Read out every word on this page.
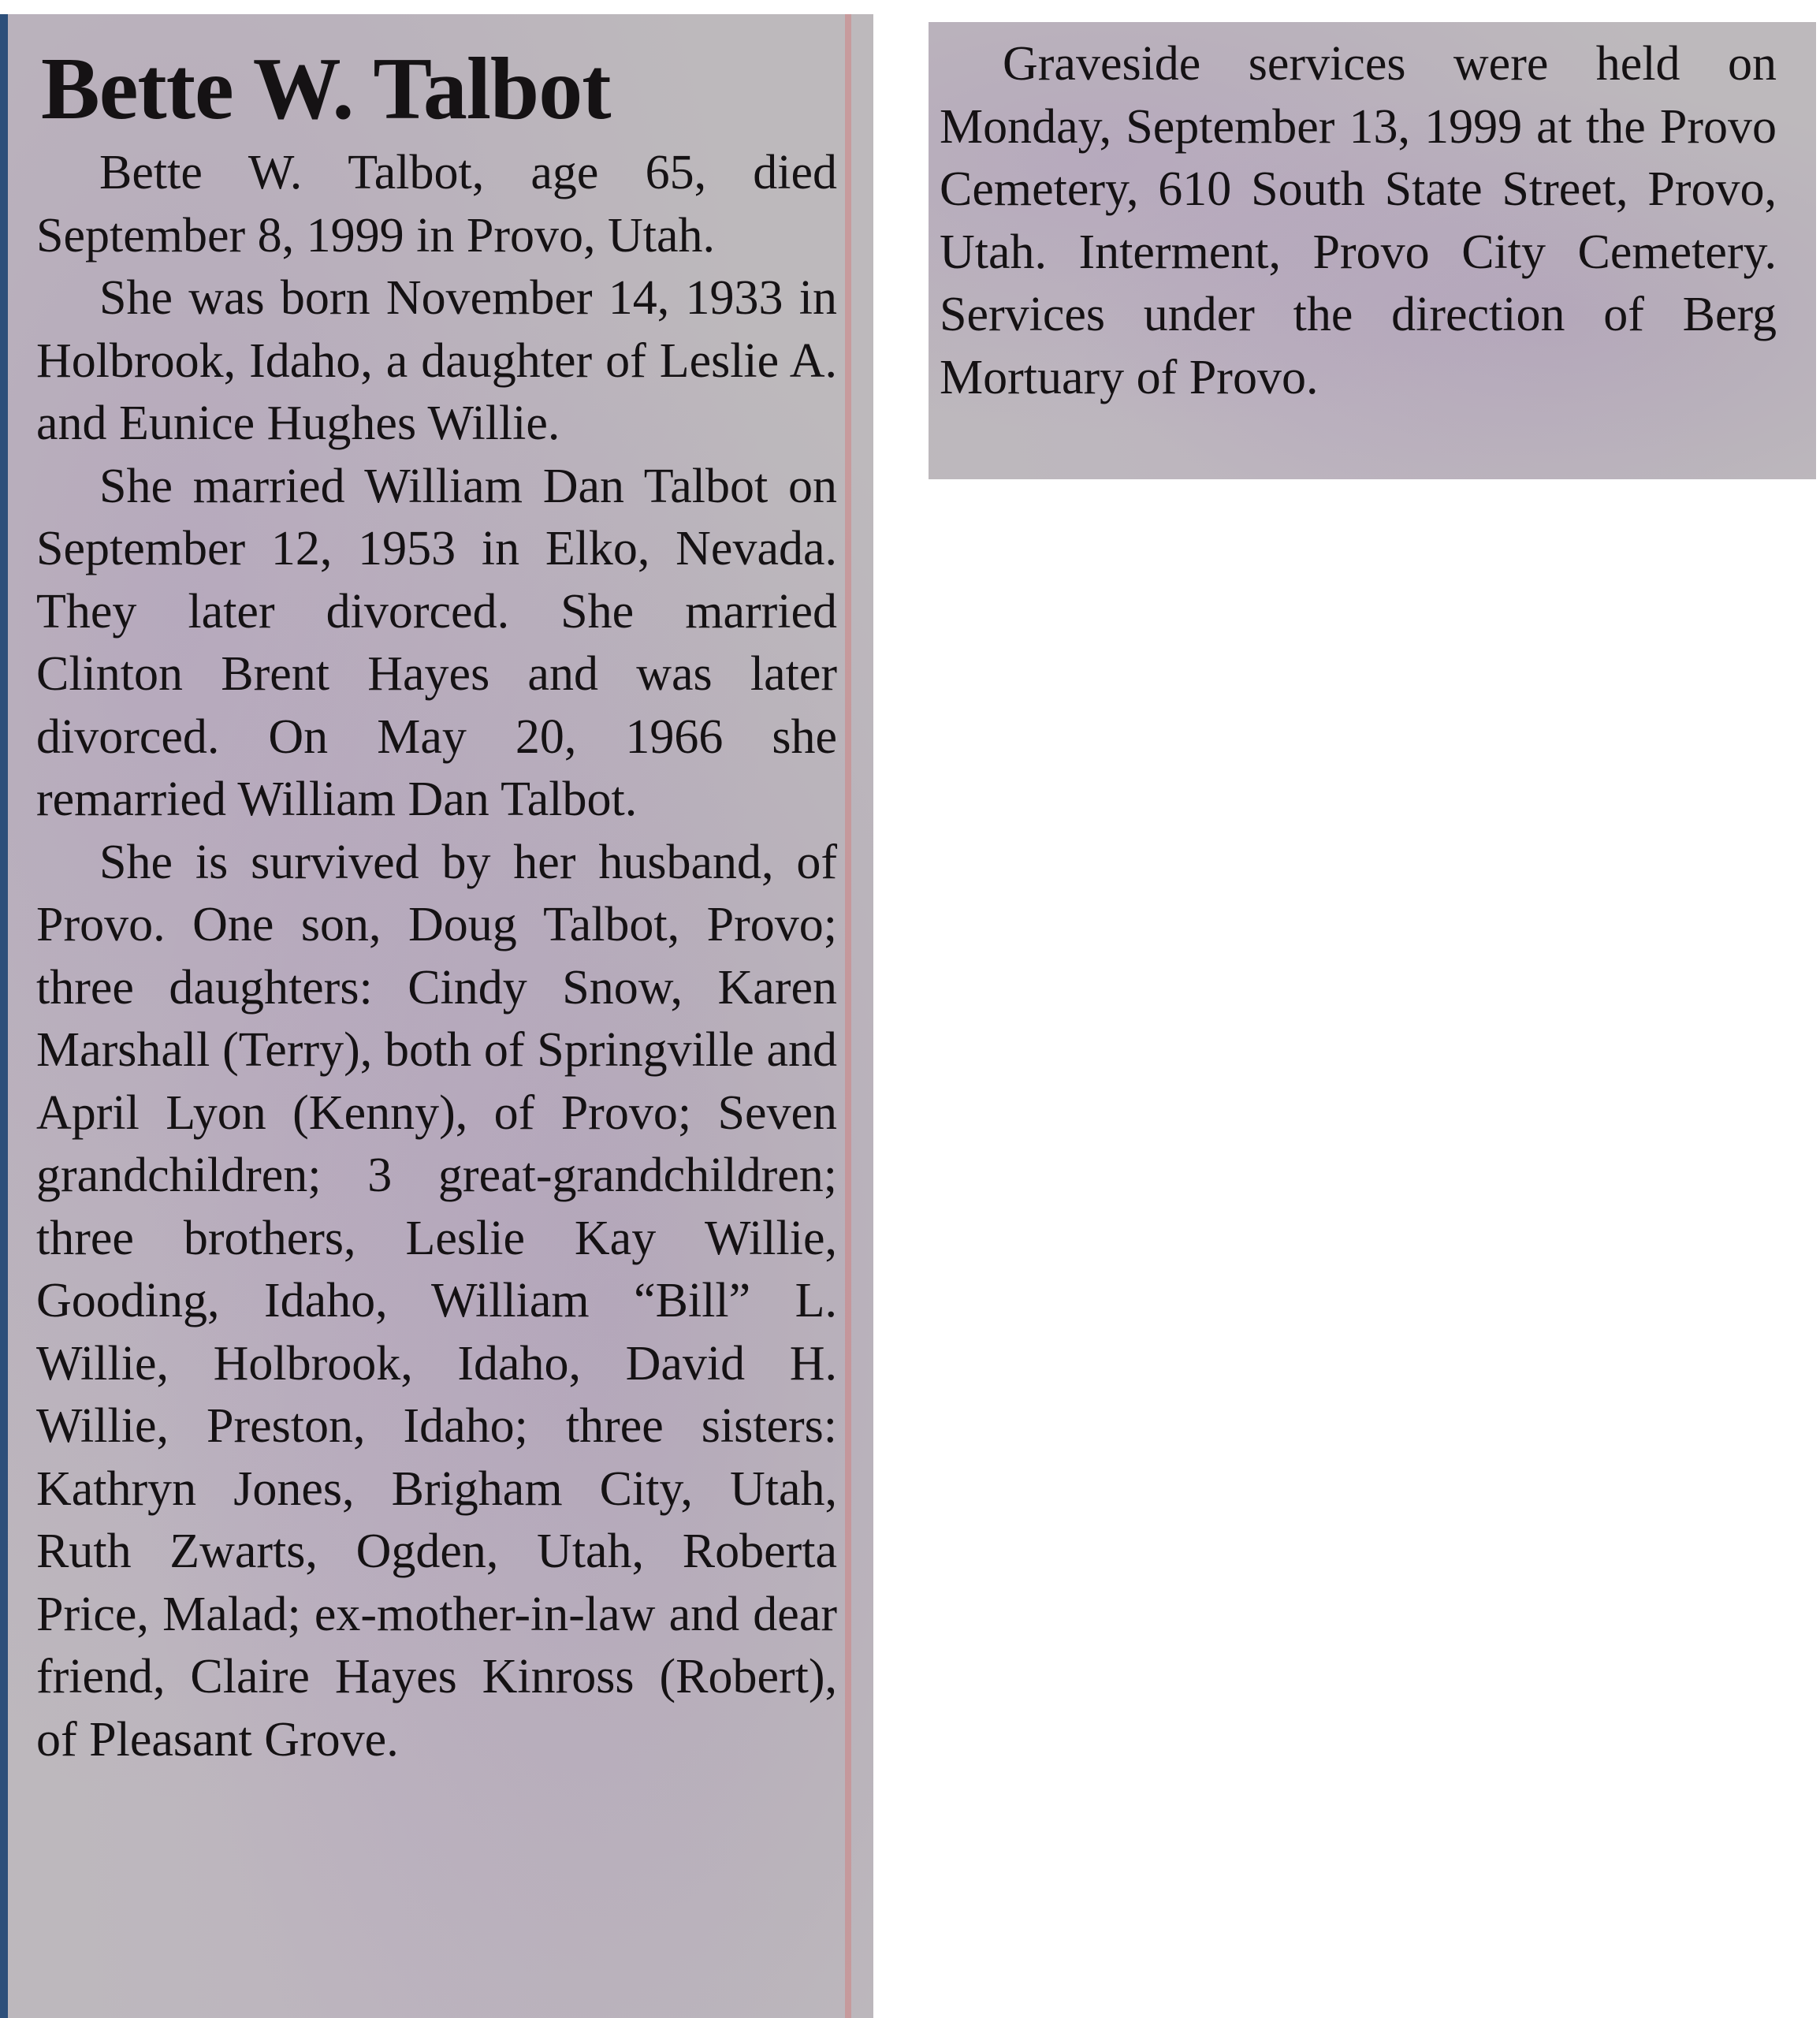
Bette W. Talbot

Bette W. Talbot, age 65, died September 8, 1999 in Provo, Utah.

She was born November 14, 1933 in Holbrook, Idaho, a daughter of Leslie A. and Eunice Hughes Willie.

She married William Dan Talbot on September 12, 1953 in Elko, Nevada. They later divorced. She married Clinton Brent Hayes and was later divorced. On May 20, 1966 she remarried William Dan Talbot.

She is survived by her husband, of Provo. One son, Doug Talbot, Provo; three daughters: Cindy Snow, Karen Marshall (Terry), both of Springville and April Lyon (Kenny), of Provo; Seven grandchildren; 3 great-grandchildren; three brothers, Leslie Kay Willie, Gooding, Idaho, William “Bill” L. Willie, Holbrook, Idaho, David H. Willie, Preston, Idaho; three sisters: Kathryn Jones, Brigham City, Utah, Ruth Zwarts, Ogden, Utah, Roberta Price, Malad; ex-mother-in-law and dear friend, Claire Hayes Kinross (Robert), of Pleasant Grove.

Graveside services were held on Monday, September 13, 1999 at the Provo Cemetery, 610 South State Street, Provo, Utah. Interment, Provo City Cemetery. Services under the direction of Berg Mortuary of Provo.
